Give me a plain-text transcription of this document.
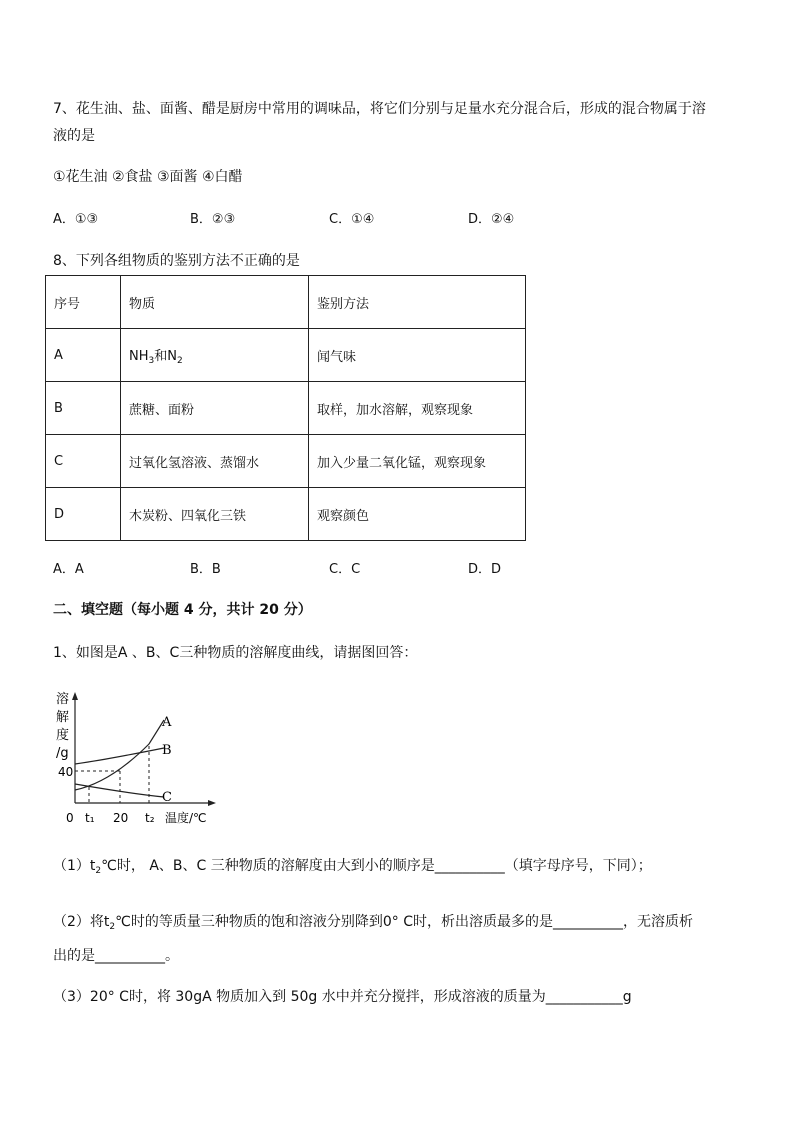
7、花生油、盐、面酱、醋是厨房中常用的调味品，将它们分别与足量水充分混合后，形成的混合物属于溶
液的是
①花生油 ②食盐 ③面酱 ④白醋
A．①③	B．②③	C．①④	D．②④
8、下列各组物质的鉴别方法不正确的是
序号	物质	鉴别方法
A	$NH_3$和$N_2$	闻气味
B	蔗糖、面粉	取样，加水溶解，观察现象
C	过氧化氢溶液、蒸馏水	加入少量二氧化锰，观察现象
D	木炭粉、四氧化三铁	观察颜色
A．A	B．B	C．C	D．D
二、填空题（每小题 4 分，共计 20 分）
1、如图是A 、B、C三种物质的溶解度曲线，请据图回答：
溶
解
度
/g
40
A
B
C
0 t₁ 20 t₂ 温度/℃
$(1)t_2℃$时， A、B、C 三种物质的溶解度由大到小的顺序是__________（填字母序号，下同）；
（2）将$t_2℃$时的等质量三种物质的饱和溶液分别降到0° C时，析出溶质最多的是__________，无溶质析
出的是__________。
（3）20° C时，将 30gA 物质加入到 50g 水中并充分搅拌，形成溶液的质量为___________g
